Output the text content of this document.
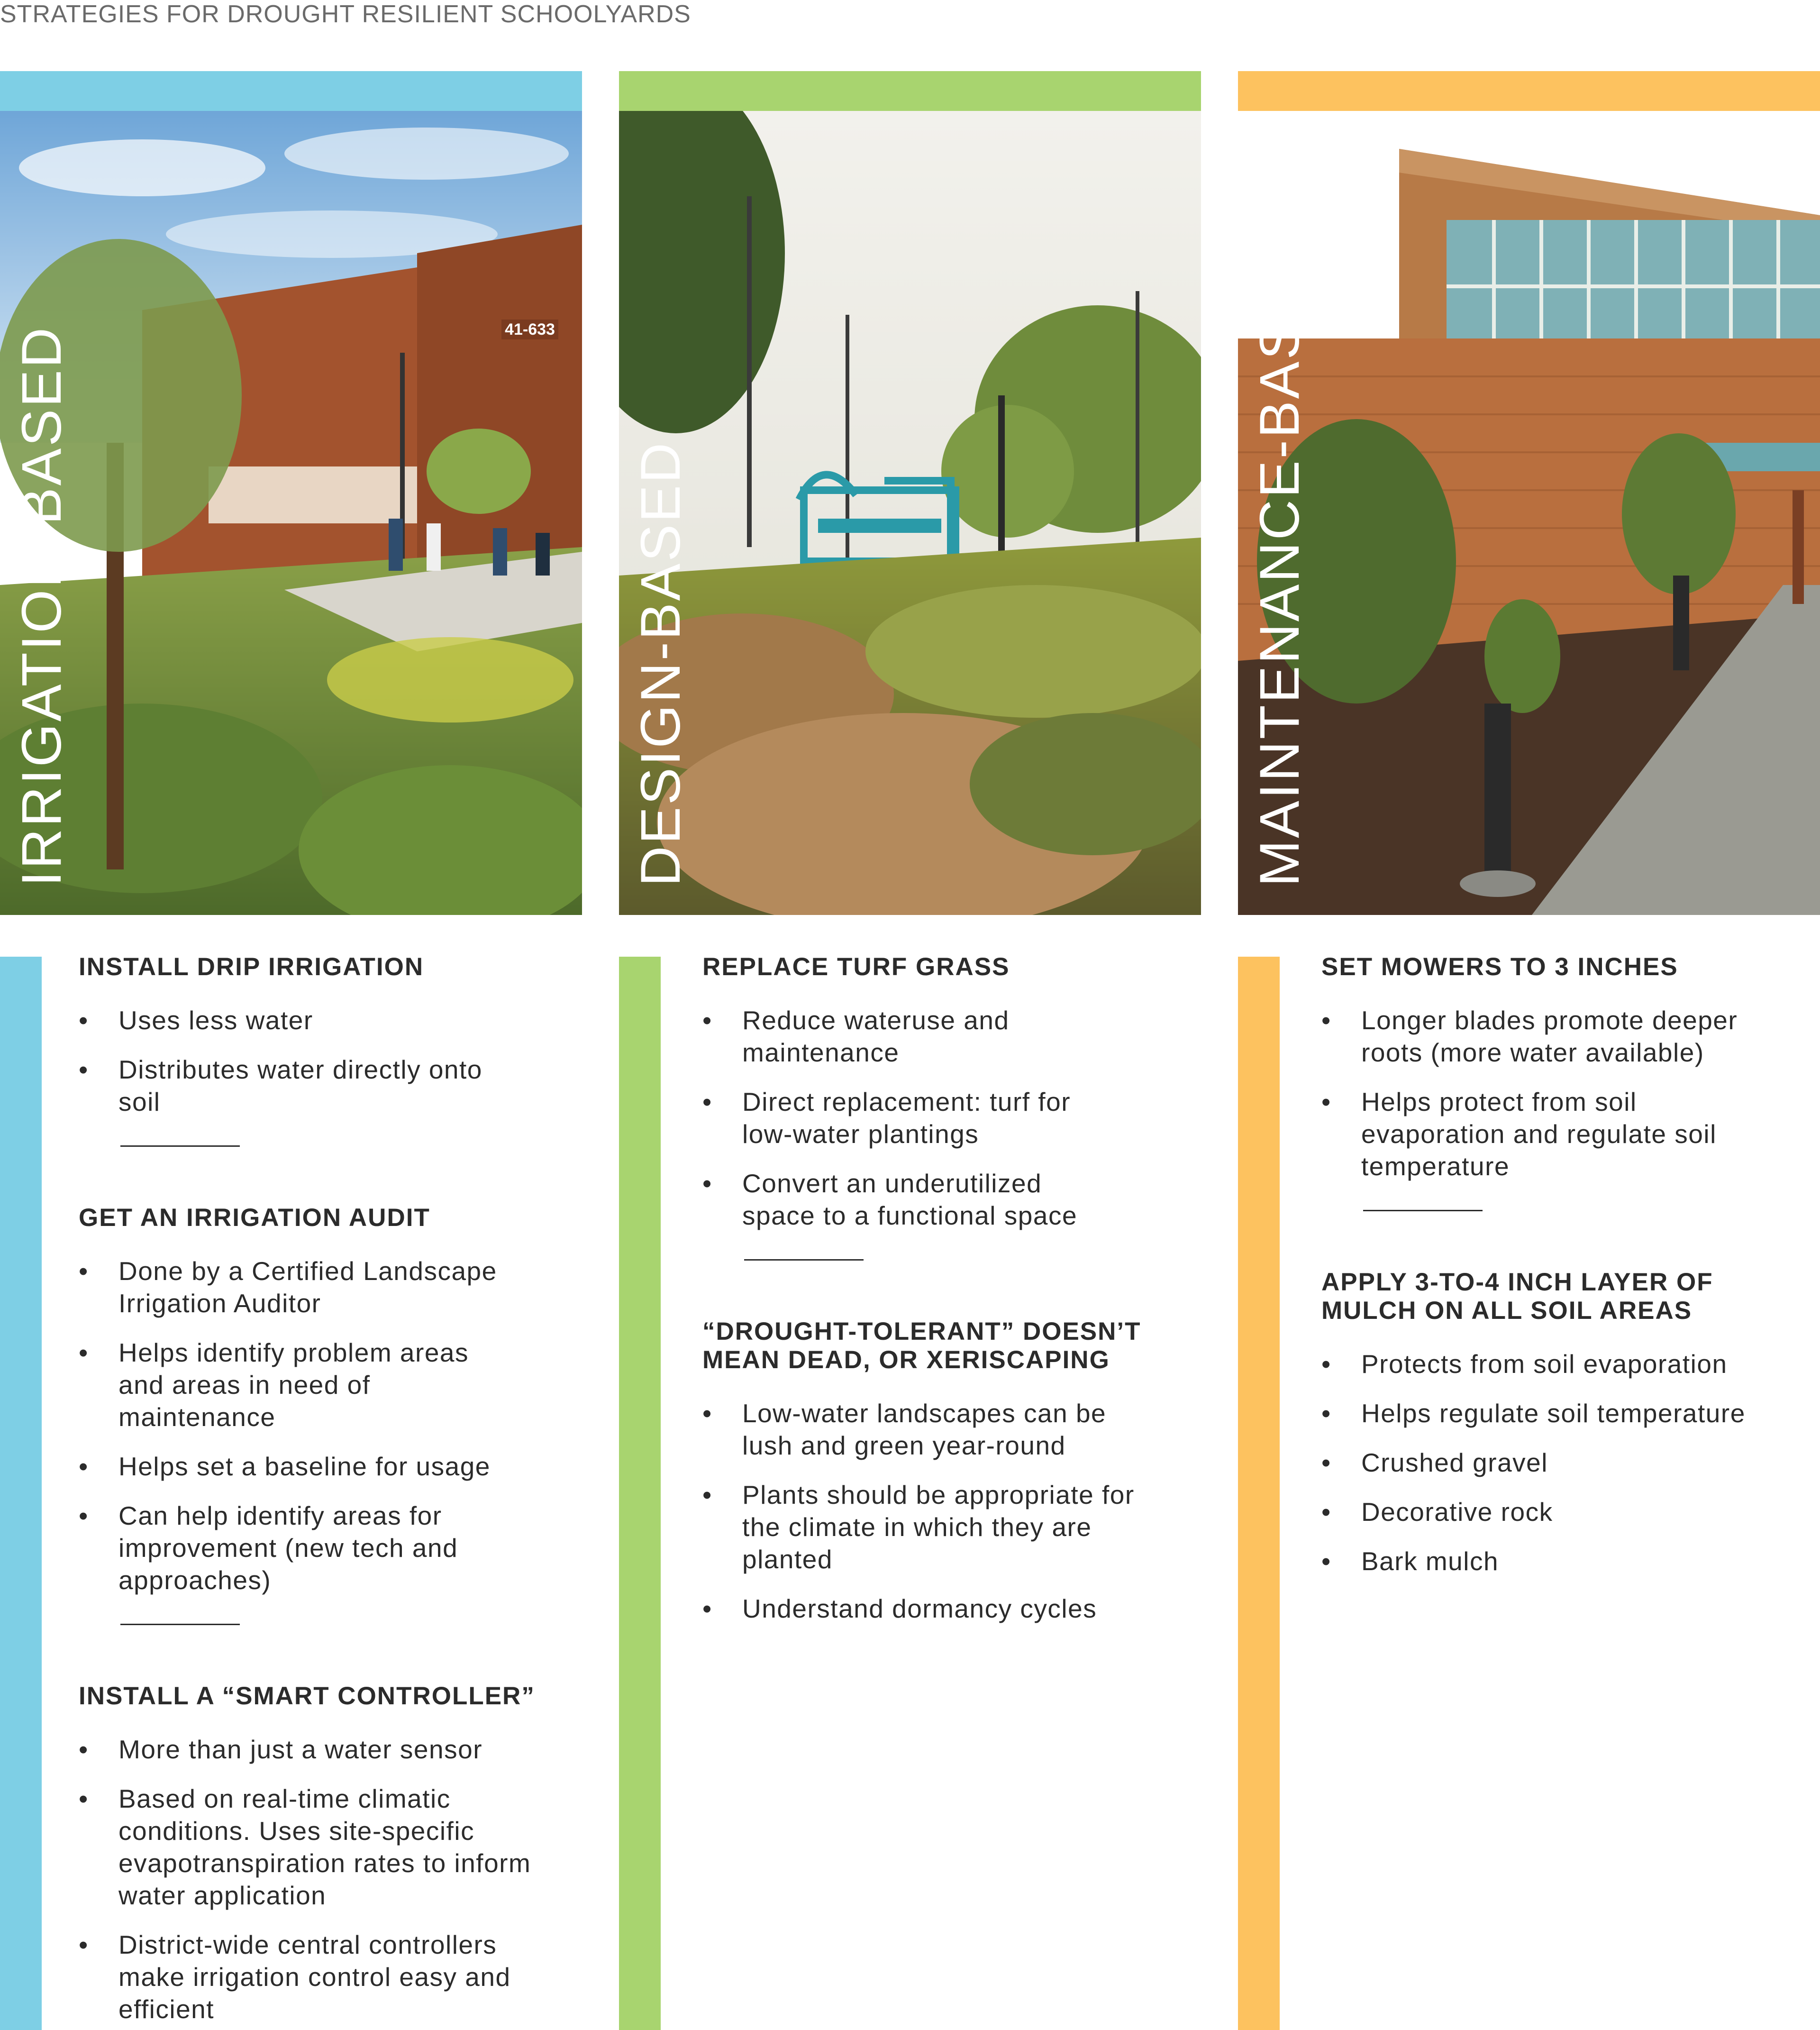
STRATEGIES FOR DROUGHT RESILIENT SCHOOLYARDS
41-633
IRRIGATION-BASED
INSTALL DRIP IRRIGATION
•	Uses less water
•	Distributes water directly onto soil
GET AN IRRIGATION AUDIT
•	Done by a Certified Landscape Irrigation Auditor
•	Helps identify problem areas and areas in need of maintenance
•	Helps set a baseline for usage
•	Can help identify areas for improvement (new tech and approaches)
INSTALL A “SMART CONTROLLER”
•	More than just a water sensor
•	Based on real-time climatic conditions. Uses site-specific evapotranspiration rates to inform water application
•	District-wide central controllers make irrigation control easy and efficient
DESIGN-BASED
REPLACE TURF GRASS
•	Reduce wateruse and maintenance
•	Direct replacement: turf for low-water plantings
•	Convert an underutilized space to a functional space
“DROUGHT-TOLERANT” DOESN’T MEAN DEAD, OR XERISCAPING
•	Low-water landscapes can be lush and green year-round
•	Plants should be appropriate for the climate in which they are planted
•	Understand dormancy cycles
MAINTENANCE-BASED
SET MOWERS TO 3 INCHES
•	Longer blades promote deeper roots (more water available)
•	Helps protect from soil evaporation and regulate soil temperature
APPLY 3-TO-4 INCH LAYER OF MULCH ON ALL SOIL AREAS
•	Protects from soil evaporation
•	Helps regulate soil temperature
•	Crushed gravel
•	Decorative rock
•	Bark mulch
